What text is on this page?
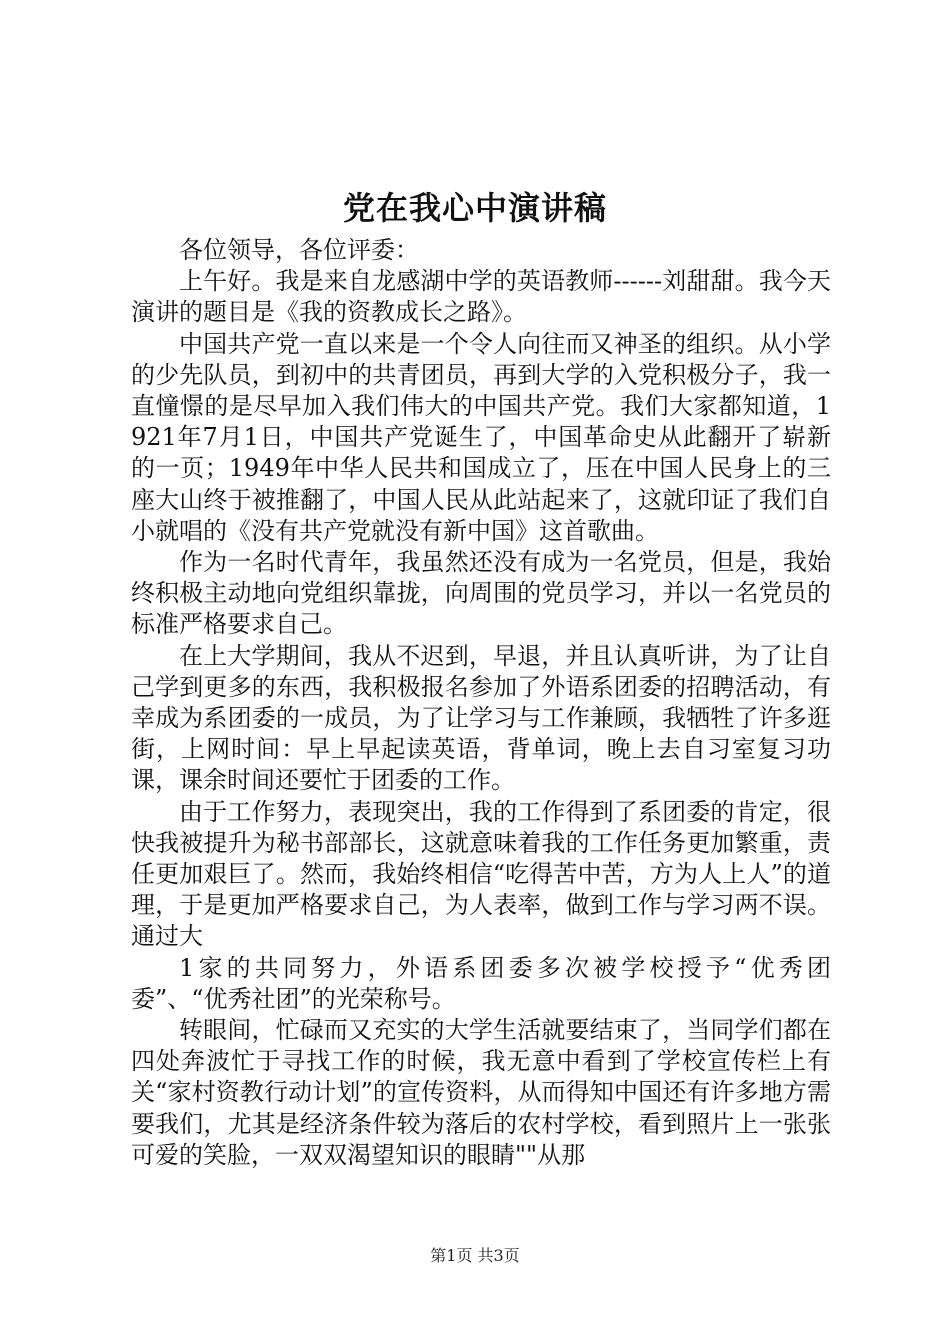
党在我心中演讲稿

各位领导，各位评委：

上午好。我是来自龙感湖中学的英语教师------刘甜甜。我今天演讲的题目是《我的资教成长之路》。

中国共产党一直以来是一个令人向往而又神圣的组织。从小学的少先队员，到初中的共青团员，再到大学的入党积极分子，我一直憧憬的是尽早加入我们伟大的中国共产党。我们大家都知道，1921年7月1日，中国共产党诞生了，中国革命史从此翻开了崭新的一页；1949年中华人民共和国成立了，压在中国人民身上的三座大山终于被推翻了，中国人民从此站起来了，这就印证了我们自小就唱的《没有共产党就没有新中国》这首歌曲。

作为一名时代青年，我虽然还没有成为一名党员，但是，我始终积极主动地向党组织靠拢，向周围的党员学习，并以一名党员的标准严格要求自己。

在上大学期间，我从不迟到，早退，并且认真听讲，为了让自己学到更多的东西，我积极报名参加了外语系团委的招聘活动，有幸成为系团委的一成员，为了让学习与工作兼顾，我牺牲了许多逛街，上网时间：早上早起读英语，背单词，晚上去自习室复习功课，课余时间还要忙于团委的工作。

由于工作努力，表现突出，我的工作得到了系团委的肯定，很快我被提升为秘书部部长，这就意味着我的工作任务更加繁重，责任更加艰巨了。然而，我始终相信“吃得苦中苦，方为人上人”的道理，于是更加严格要求自己，为人表率，做到工作与学习两不误。通过大

1家的共同努力，外语系团委多次被学校授予“优秀团委”、“优秀社团”的光荣称号。

转眼间，忙碌而又充实的大学生活就要结束了，当同学们都在四处奔波忙于寻找工作的时候，我无意中看到了学校宣传栏上有关“家村资教行动计划”的宣传资料，从而得知中国还有许多地方需要我们，尤其是经济条件较为落后的农村学校，看到照片上一张张可爱的笑脸，一双双渴望知识的眼睛""从那

第1页 共3页
